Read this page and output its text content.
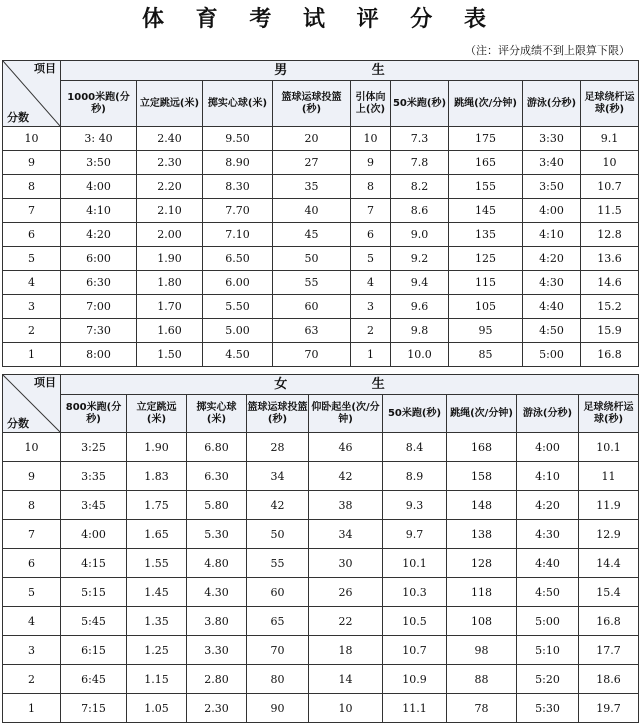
体 育 考 试 评 分 表
（注：评分成绩不到上限算下限）
项目
分数	男 生								
	1000米跑(分秒)	立定跳远(米)	掷实心球(米)	篮球运球投篮(秒)	引体向上(次)	50米跑(秒)	跳绳(次/分钟)	游泳(分秒)	足球绕杆运球(秒)
10	3: 40	2.40	9.50	20	10	7.3	175	3:30	9.1
9	3:50	2.30	8.90	27	9	7.8	165	3:40	10
8	4:00	2.20	8.30	35	8	8.2	155	3:50	10.7
7	4:10	2.10	7.70	40	7	8.6	145	4:00	11.5
6	4:20	2.00	7.10	45	6	9.0	135	4:10	12.8
5	6:00	1.90	6.50	50	5	9.2	125	4:20	13.6
4	6:30	1.80	6.00	55	4	9.4	115	4:30	14.6
3	7:00	1.70	5.50	60	3	9.6	105	4:40	15.2
2	7:30	1.60	5.00	63	2	9.8	95	4:50	15.9
1	8:00	1.50	4.50	70	1	10.0	85	5:00	16.8
项目
分数	女 生								
	800米跑(分秒)	立定跳远(米)	掷实心球(米)	篮球运球投篮(秒)	仰卧起坐(次/分钟)	50米跑(秒)	跳绳(次/分钟)	游泳(分秒)	足球绕杆运球(秒)
10	3:25	1.90	6.80	28	46	8.4	168	4:00	10.1
9	3:35	1.83	6.30	34	42	8.9	158	4:10	11
8	3:45	1.75	5.80	42	38	9.3	148	4:20	11.9
7	4:00	1.65	5.30	50	34	9.7	138	4:30	12.9
6	4:15	1.55	4.80	55	30	10.1	128	4:40	14.4
5	5:15	1.45	4.30	60	26	10.3	118	4:50	15.4
4	5:45	1.35	3.80	65	22	10.5	108	5:00	16.8
3	6:15	1.25	3.30	70	18	10.7	98	5:10	17.7
2	6:45	1.15	2.80	80	14	10.9	88	5:20	18.6
1	7:15	1.05	2.30	90	10	11.1	78	5:30	19.7
